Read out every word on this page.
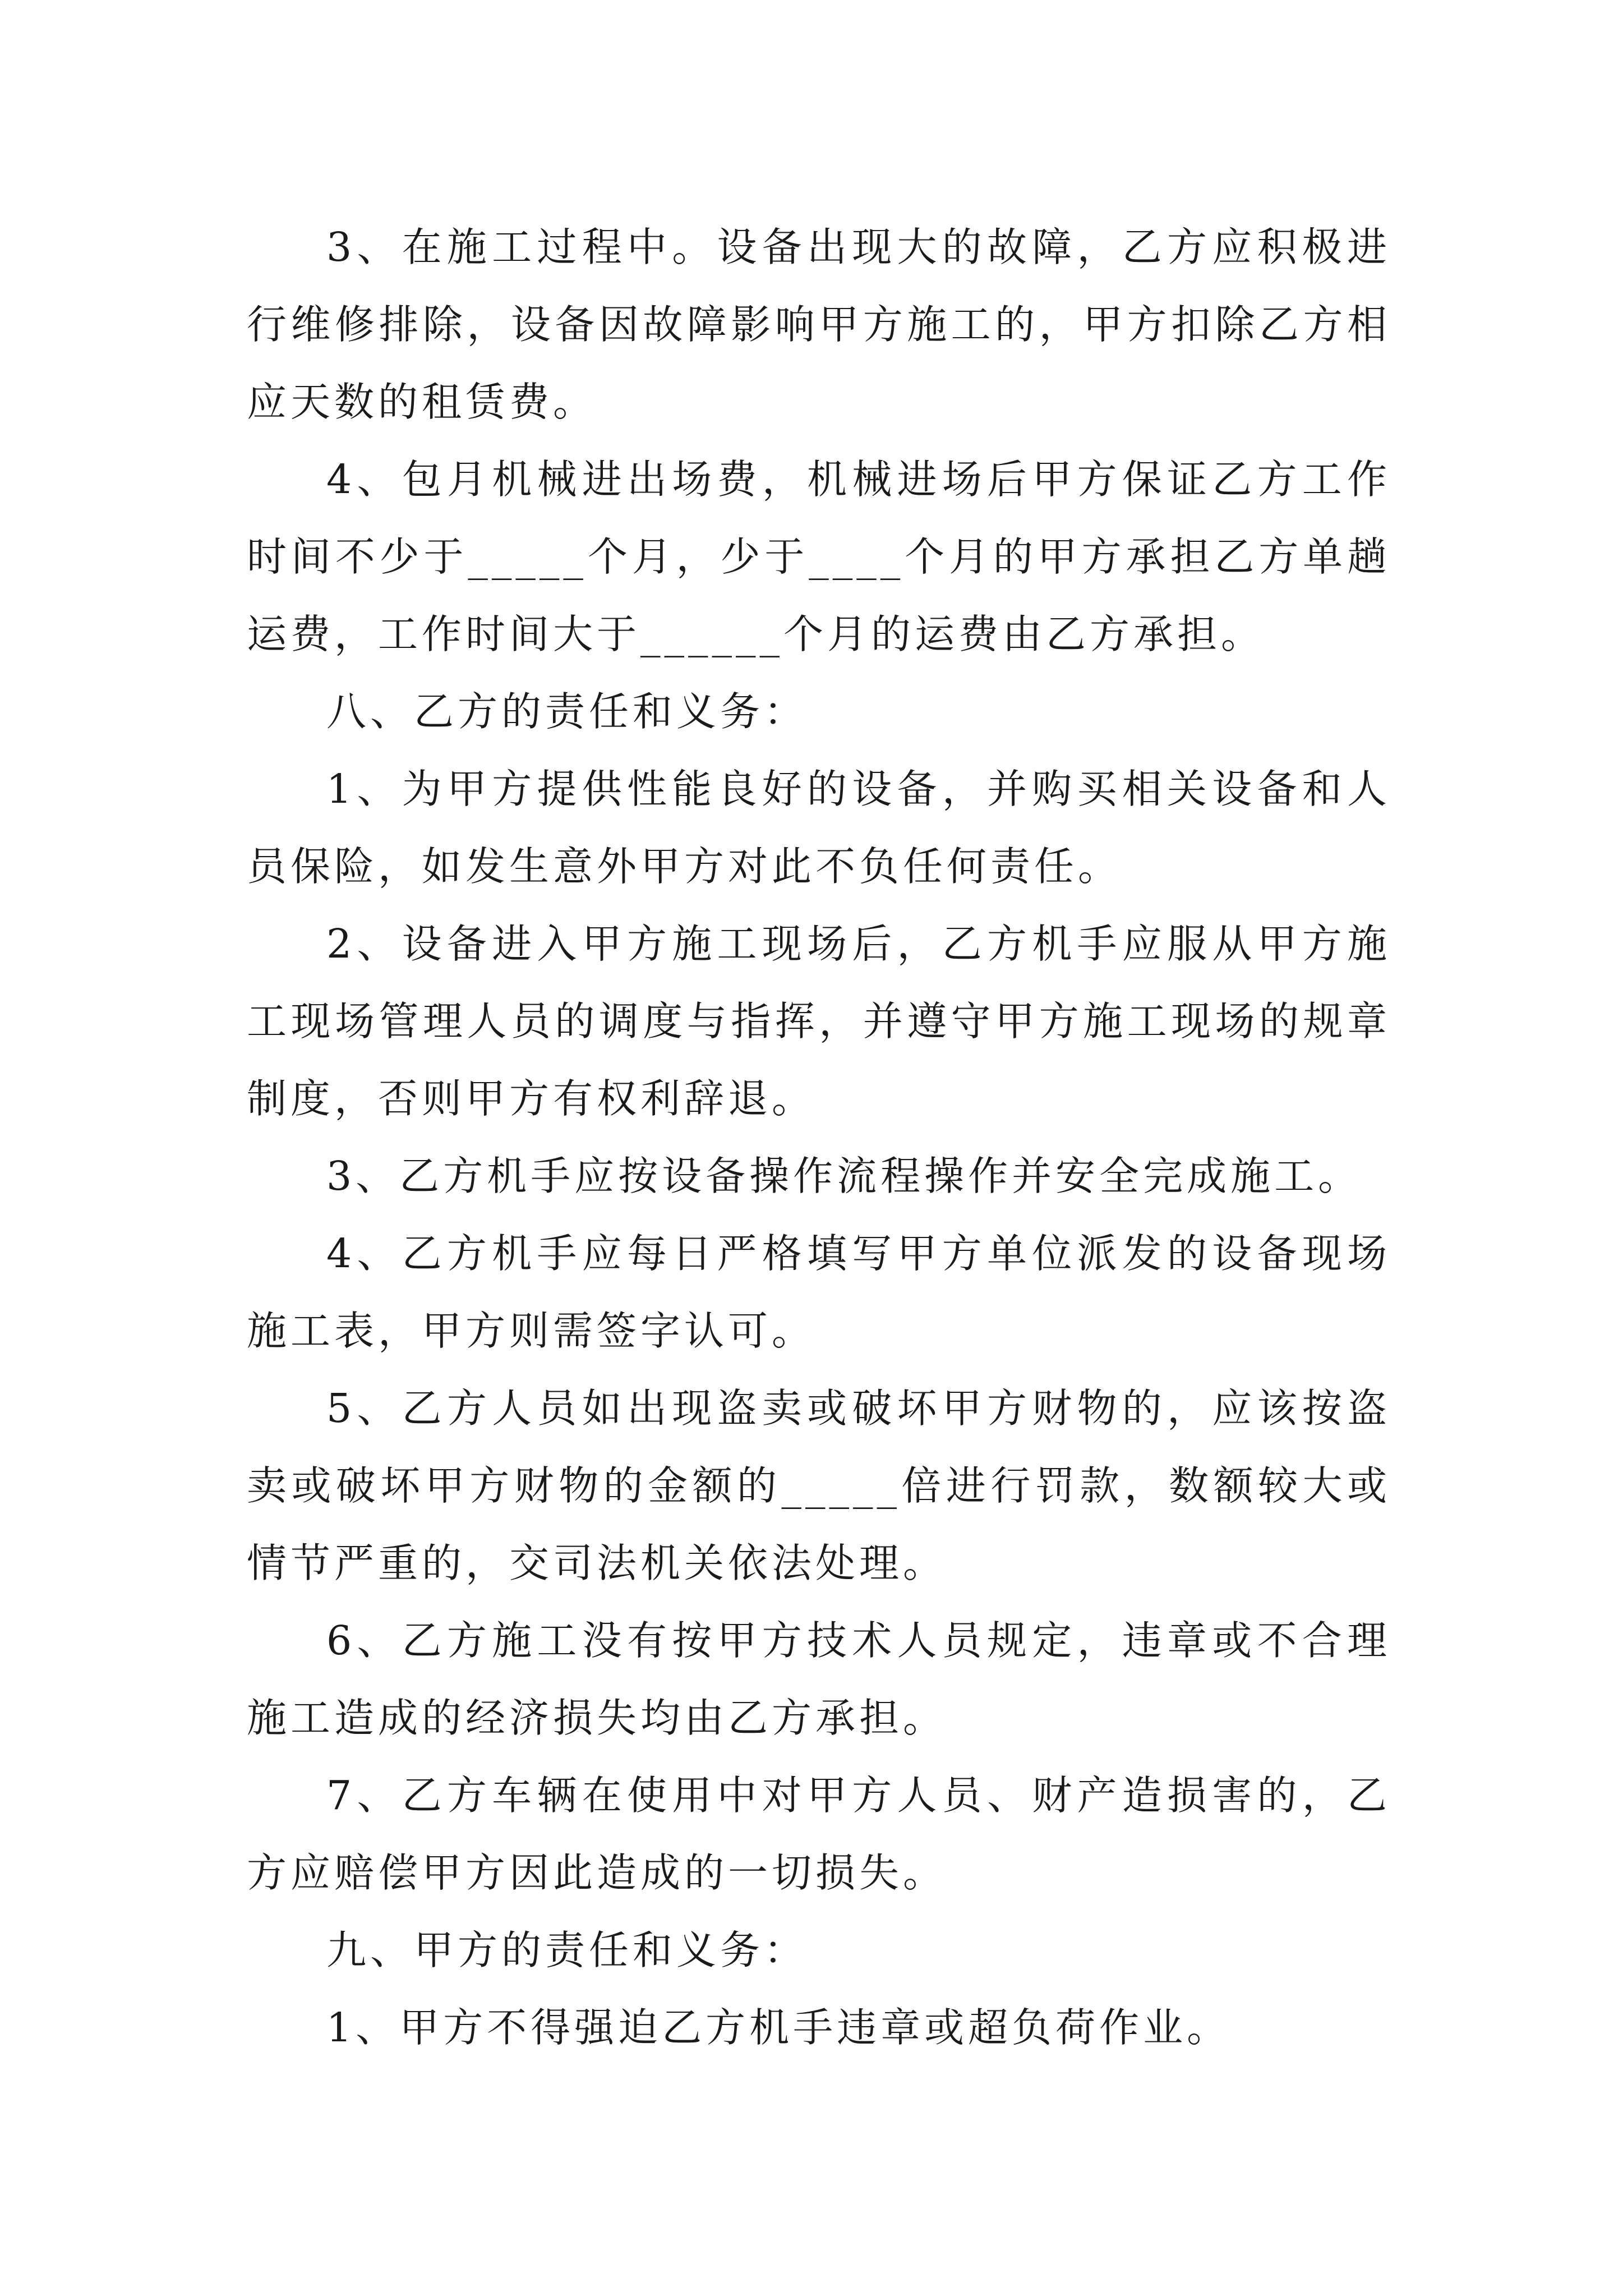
3、在施工过程中。设备出现大的故障，乙方应积极进行维修排除，设备因故障影响甲方施工的，甲方扣除乙方相应天数的租赁费。

4、包月机械进出场费，机械进场后甲方保证乙方工作时间不少于_____个月，少于____个月的甲方承担乙方单趟运费，工作时间大于______个月的运费由乙方承担。

八、乙方的责任和义务：

1、为甲方提供性能良好的设备，并购买相关设备和人员保险，如发生意外甲方对此不负任何责任。

2、设备进入甲方施工现场后，乙方机手应服从甲方施工现场管理人员的调度与指挥，并遵守甲方施工现场的规章制度，否则甲方有权利辞退。

3、乙方机手应按设备操作流程操作并安全完成施工。

4、乙方机手应每日严格填写甲方单位派发的设备现场施工表，甲方则需签字认可。

5、乙方人员如出现盗卖或破坏甲方财物的，应该按盗卖或破坏甲方财物的金额的_____倍进行罚款，数额较大或情节严重的，交司法机关依法处理。

6、乙方施工没有按甲方技术人员规定，违章或不合理施工造成的经济损失均由乙方承担。

7、乙方车辆在使用中对甲方人员、财产造损害的，乙方应赔偿甲方因此造成的一切损失。

九、甲方的责任和义务：

1、甲方不得强迫乙方机手违章或超负荷作业。
